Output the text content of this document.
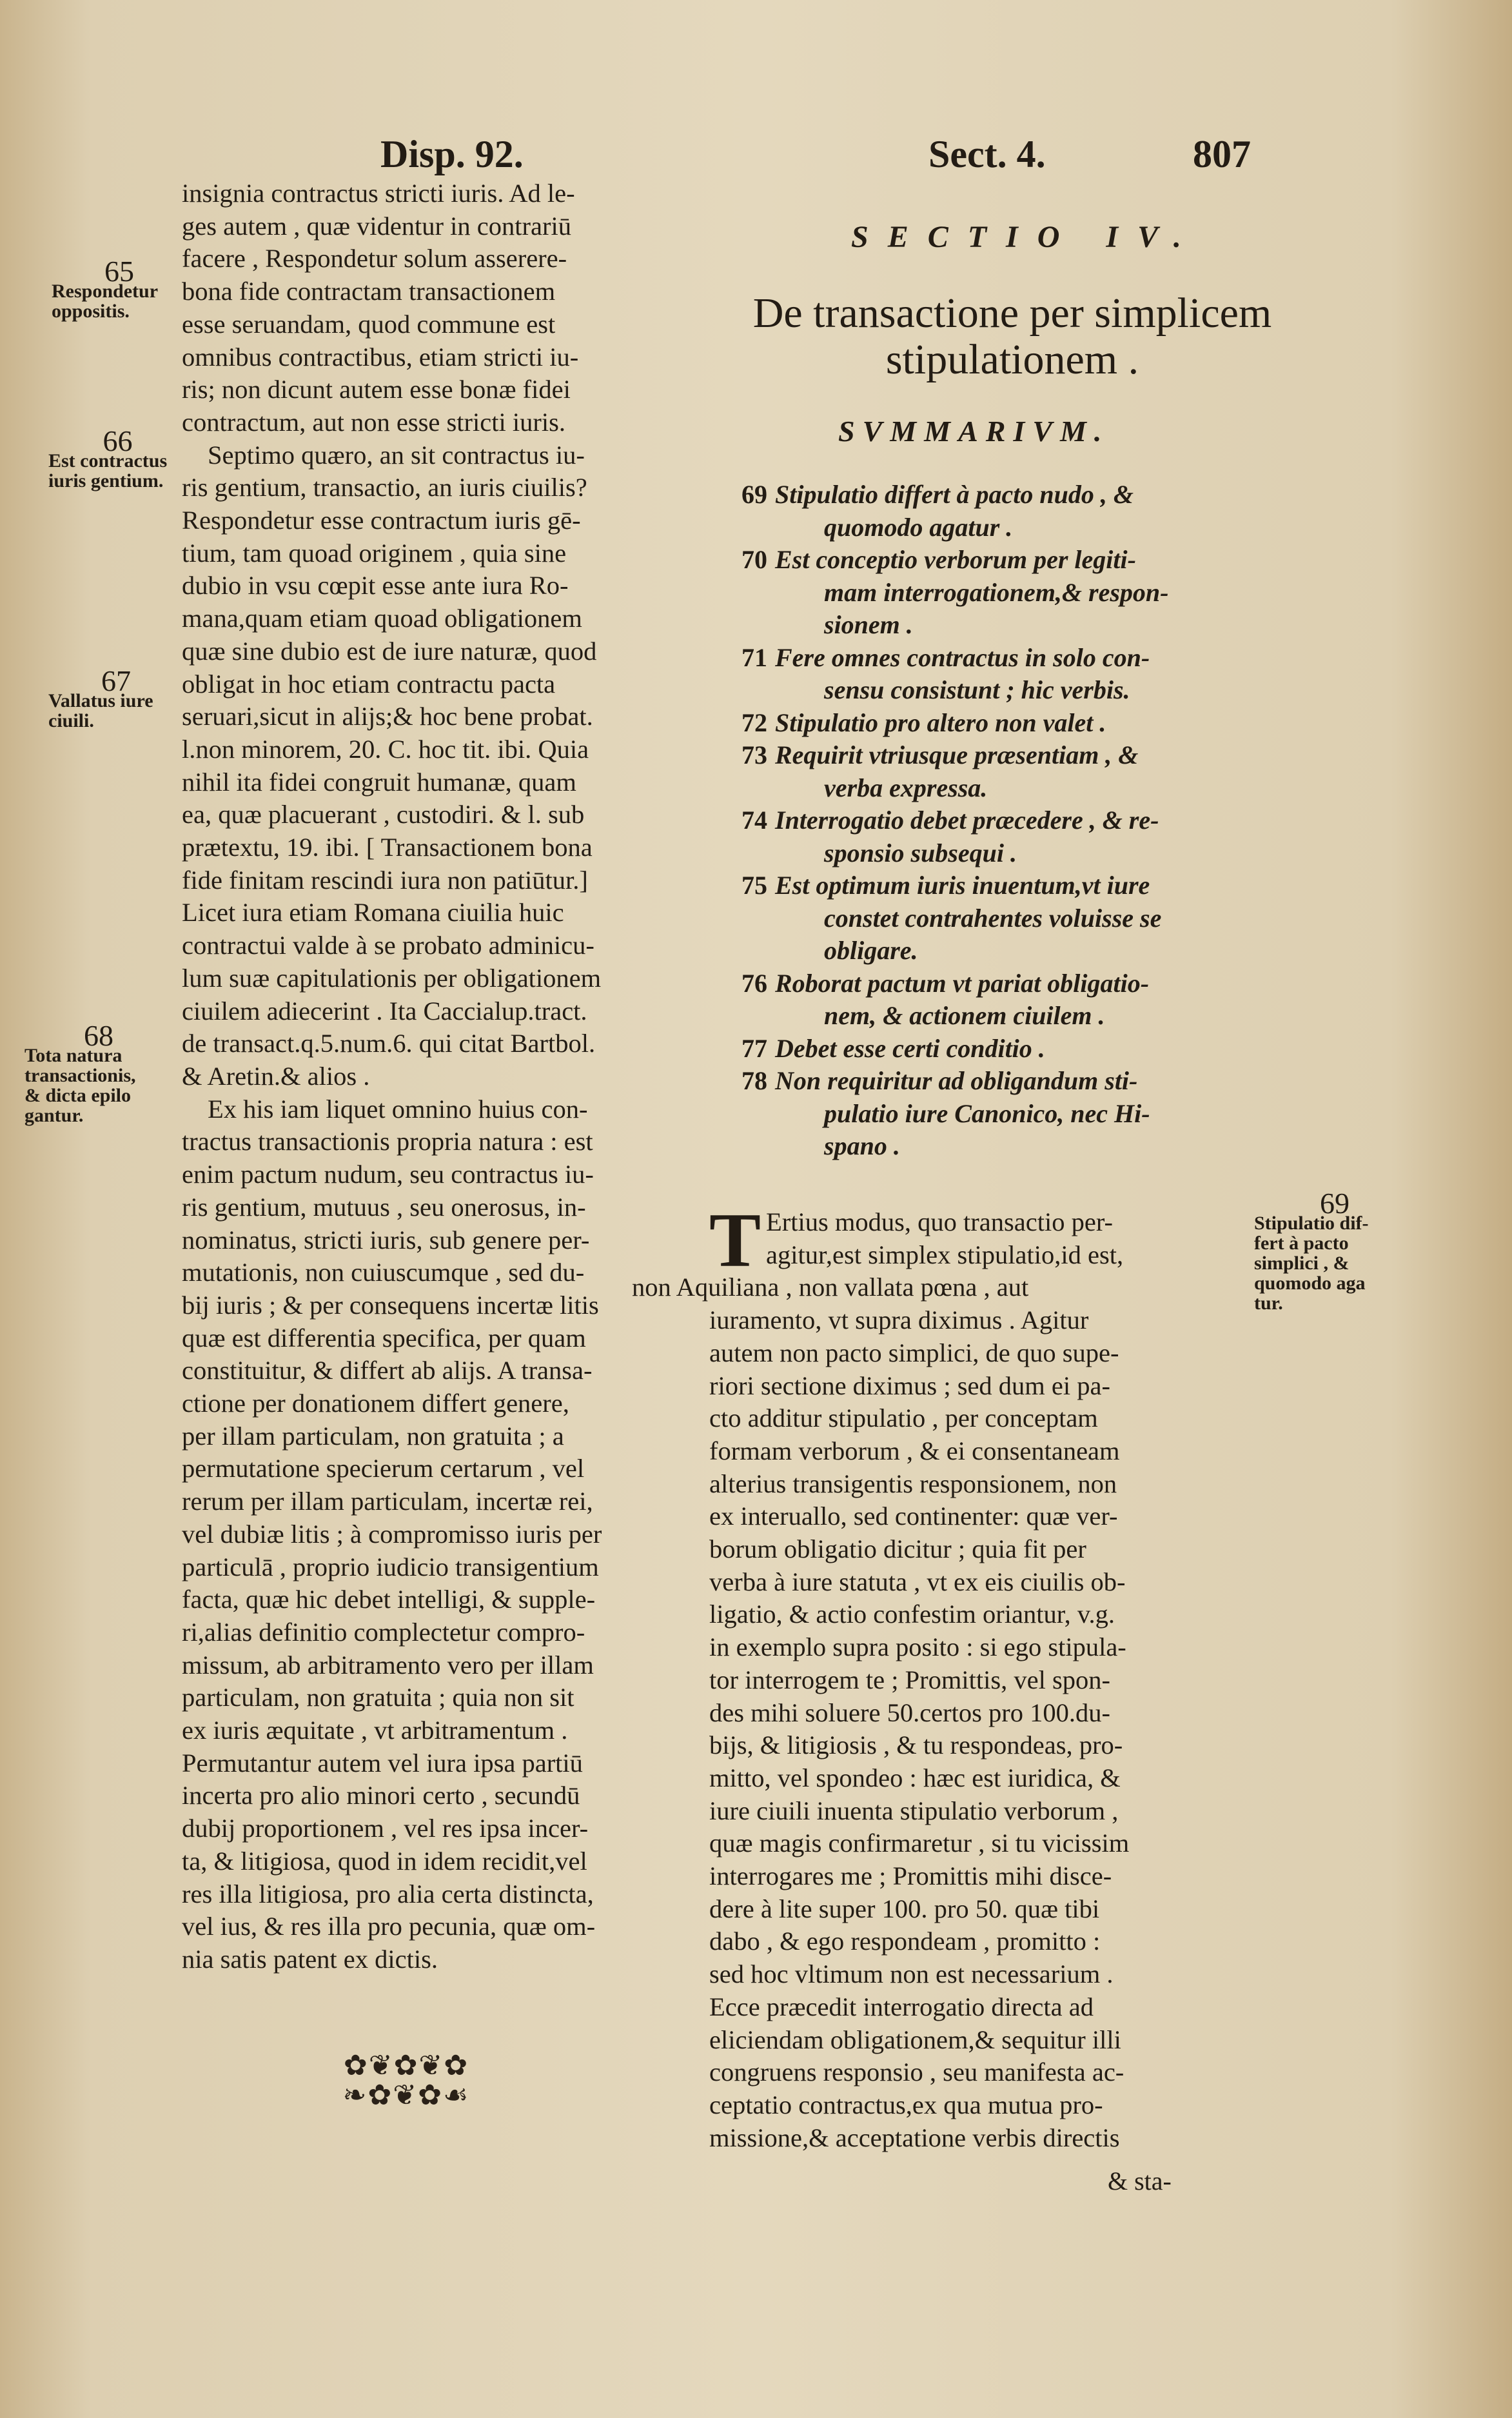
Disp. 92.	Sect. 4.	807
insignia contractus stricti iuris. Ad le-
ges autem , quæ videntur in contrariū
facere , Respondetur solum asserere-
bona fide contractam transactionem
esse seruandam, quod commune est
omnibus contractibus, etiam stricti iu-
ris; non dicunt autem esse bonæ fidei
contractum, aut non esse stricti iuris.
Septimo quæro, an sit contractus iu-
ris gentium, transactio, an iuris ciuilis?
Respondetur esse contractum iuris gē-
tium, tam quoad originem , quia sine
dubio in vsu cœpit esse ante iura Ro-
mana,quam etiam quoad obligationem
quæ sine dubio est de iure naturæ, quod
obligat in hoc etiam contractu pacta
seruari,sicut in alijs;& hoc bene probat.
l.non minorem, 20. C. hoc tit. ibi. Quia
nihil ita fidei congruit humanæ, quam
ea, quæ placuerant , custodiri. & l. sub
prætextu, 19. ibi. [ Transactionem bona
fide finitam rescindi iura non patiūtur.]
Licet iura etiam Romana ciuilia huic
contractui valde à se probato adminicu-
lum suæ capitulationis per obligationem
ciuilem adiecerint . Ita Caccialup.tract.
de transact.q.5.num.6. qui citat Bartbol.
& Aretin.& alios .
Ex his iam liquet omnino huius con-
tractus transactionis propria natura : est
enim pactum nudum, seu contractus iu-
ris gentium, mutuus , seu onerosus, in-
nominatus, stricti iuris, sub genere per-
mutationis, non cuiuscumque , sed du-
bij iuris ; & per consequens incertæ litis
quæ est differentia specifica, per quam
constituitur, & differt ab alijs. A transa-
ctione per donationem differt genere,
per illam particulam, non gratuita ; a
permutatione specierum certarum , vel
rerum per illam particulam, incertæ rei,
vel dubiæ litis ; à compromisso iuris per
particulā , proprio iudicio transigentium
facta, quæ hic debet intelligi, & supple-
ri,alias definitio complectetur compro-
missum, ab arbitramento vero per illam
particulam, non gratuita ; quia non sit
ex iuris æquitate , vt arbitramentum .
Permutantur autem vel iura ipsa partiū
incerta pro alio minori certo , secundū
dubij proportionem , vel res ipsa incer-
ta, & litigiosa, quod in idem recidit,vel
res illa litigiosa, pro alia certa distincta,
vel ius, & res illa pro pecunia, quæ om-
nia satis patent ex dictis.
SECTIO IV.
De transactione per simplicem
stipulationem .
SVMMARIVM.
69 Stipulatio differt à pacto nudo , &
quomodo agatur .
70 Est conceptio verborum per legiti-
mam interrogationem,& respon-
sionem .
71 Fere omnes contractus in solo con-
sensu consistunt ; hic verbis.
72 Stipulatio pro altero non valet .
73 Requirit vtriusque præsentiam , &
verba expressa.
74 Interrogatio debet præcedere , & re-
sponsio subsequi .
75 Est optimum iuris inuentum,vt iure
constet contrahentes voluisse se
obligare.
76 Roborat pactum vt pariat obligatio-
nem, & actionem ciuilem .
77 Debet esse certi conditio .
78 Non requiritur ad obligandum sti-
pulatio iure Canonico, nec Hi-
spano .
T Ertius modus, quo transactio per-
agitur,est simplex stipulatio,id est,
non Aquiliana , non vallata pœna , aut
iuramento, vt supra diximus . Agitur
autem non pacto simplici, de quo supe-
riori sectione diximus ; sed dum ei pa-
cto additur stipulatio , per conceptam
formam verborum , & ei consentaneam
alterius transigentis responsionem, non
ex interuallo, sed continenter: quæ ver-
borum obligatio dicitur ; quia fit per
verba à iure statuta , vt ex eis ciuilis ob-
ligatio, & actio confestim oriantur, v.g.
in exemplo supra posito : si ego stipula-
tor interrogem te ; Promittis, vel spon-
des mihi soluere 50.certos pro 100.du-
bijs, & litigiosis , & tu respondeas, pro-
mitto, vel spondeo : hæc est iuridica, &
iure ciuili inuenta stipulatio verborum ,
quæ magis confirmaretur , si tu vicissim
interrogares me ; Promittis mihi disce-
dere à lite super 100. pro 50. quæ tibi
dabo , & ego respondeam , promitto :
sed hoc vltimum non est necessarium .
Ecce præcedit interrogatio directa ad
eliciendam obligationem,& sequitur illi
congruens responsio , seu manifesta ac-
ceptatio contractus,ex qua mutua pro-
missione,& acceptatione verbis directis
65
Respondetur
oppositis.
66
Est contractus
iuris gentium.
67
Vallatus iure
ciuili.
68
Tota natura
transactionis,
& dicta epilo
gantur.
69
Stipulatio dif-
fert à pacto
simplici , &
quomodo aga
tur.
✿❦✿❦✿
❧✿❦✿☙
& sta-
